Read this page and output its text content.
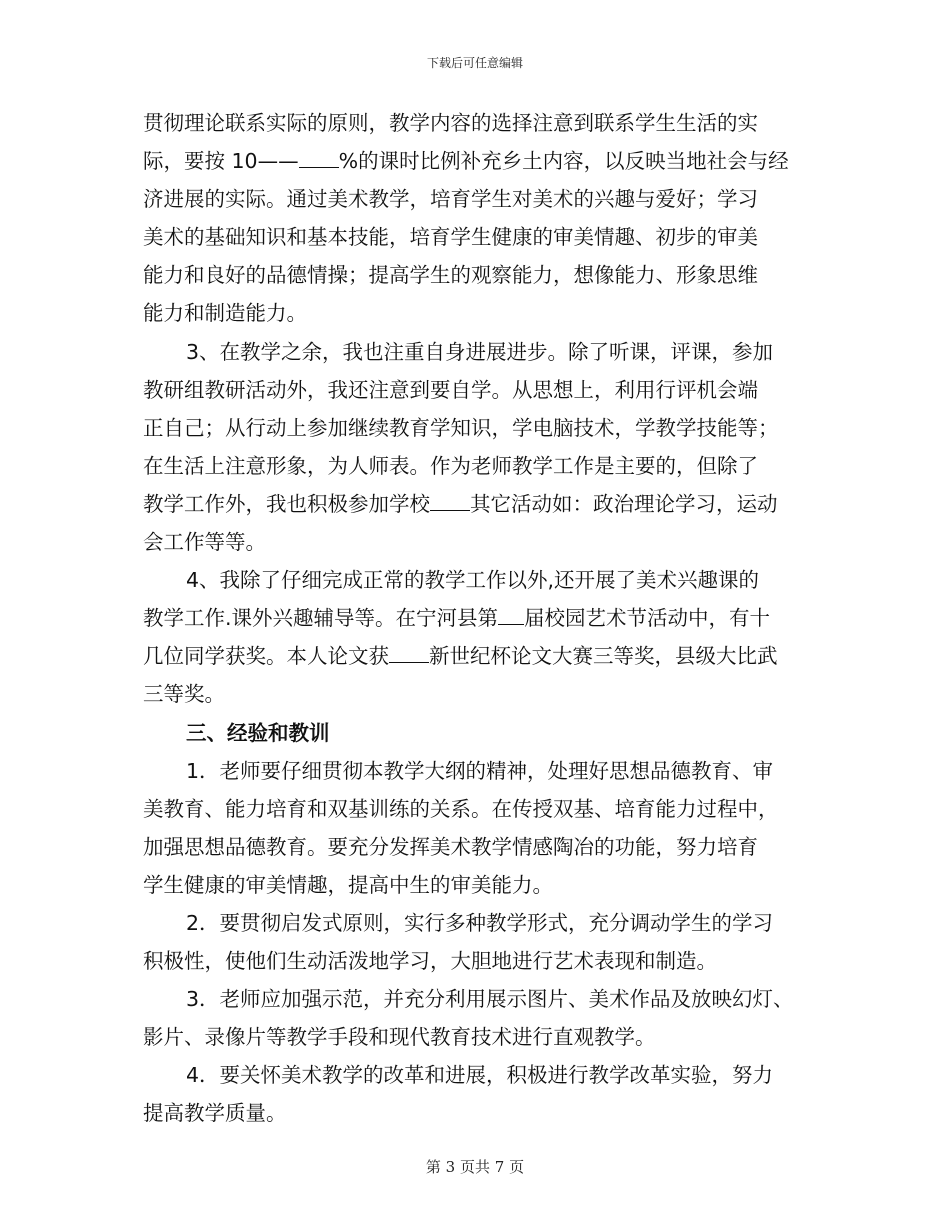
下载后可任意编辑
贯彻理论联系实际的原则，教学内容的选择注意到联系学生生活的实
际，要按 10—— %的课时比例补充乡土内容，以反映当地社会与经
济进展的实际。通过美术教学，培育学生对美术的兴趣与爱好；学习
美术的基础知识和基本技能，培育学生健康的审美情趣、初步的审美
能力和良好的品德情操；提高学生的观察能力，想像能力、形象思维
能力和制造能力。
3、在教学之余，我也注重自身进展进步。除了听课，评课，参加
教研组教研活动外，我还注意到要自学。从思想上，利用行评机会端
正自己；从行动上参加继续教育学知识，学电脑技术，学教学技能等；
在生活上注意形象，为人师表。作为老师教学工作是主要的，但除了
教学工作外，我也积极参加学校 其它活动如：政治理论学习，运动
会工作等等。
4、我除了仔细完成正常的教学工作以外,还开展了美术兴趣课的
教学工作.课外兴趣辅导等。在宁河县第 届校园艺术节活动中，有十
几位同学获奖。本人论文获 新世纪杯论文大赛三等奖，县级大比武
三等奖。
三、经验和教训
1．老师要仔细贯彻本教学大纲的精神，处理好思想品德教育、审
美教育、能力培育和双基训练的关系。在传授双基、培育能力过程中，
加强思想品德教育。要充分发挥美术教学情感陶冶的功能，努力培育
学生健康的审美情趣，提高中生的审美能力。
2．要贯彻启发式原则，实行多种教学形式，充分调动学生的学习
积极性，使他们生动活泼地学习，大胆地进行艺术表现和制造。
3．老师应加强示范，并充分利用展示图片、美术作品及放映幻灯、
影片、录像片等教学手段和现代教育技术进行直观教学。
4．要关怀美术教学的改革和进展，积极进行教学改革实验，努力
提高教学质量。
第 3 页共 7 页
